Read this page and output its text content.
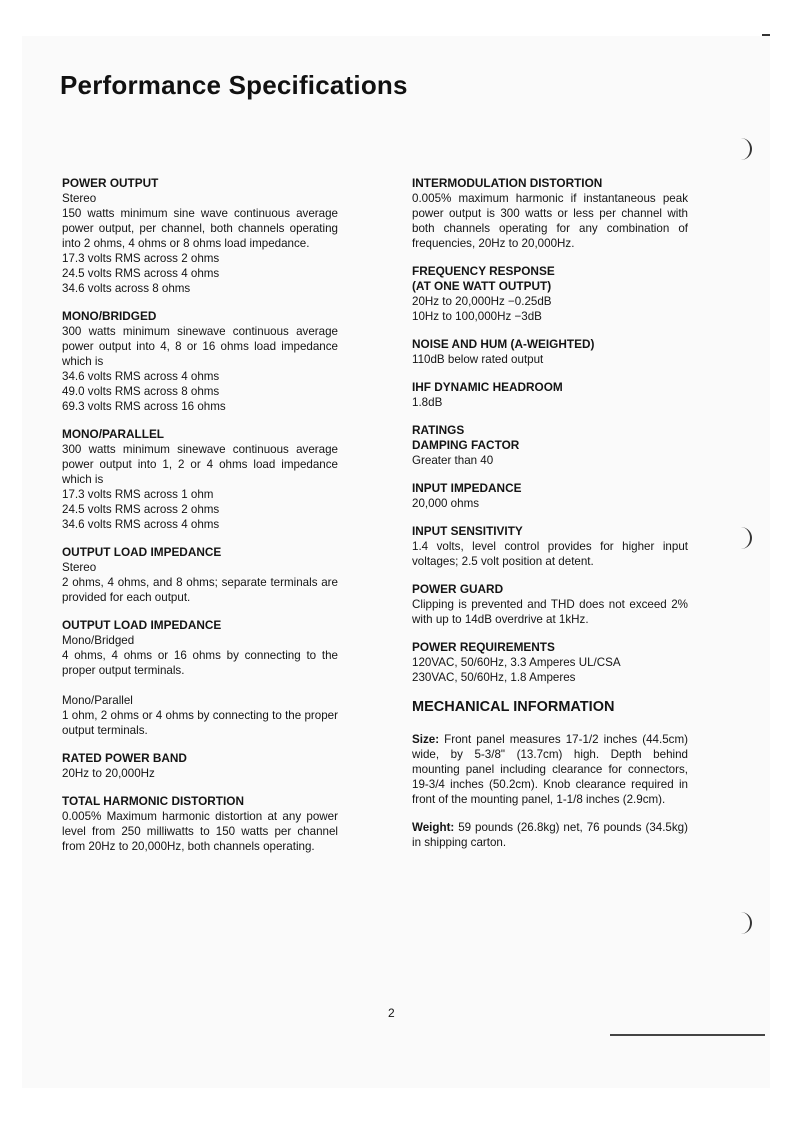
Performance Specifications
POWER OUTPUT

Stereo

150 watts minimum sine wave continuous average power output, per channel, both channels operating into 2 ohms, 4 ohms or 8 ohms load impedance.

17.3 volts RMS across 2 ohms

24.5 volts RMS across 4 ohms

34.6 volts across 8 ohms

MONO/BRIDGED

300 watts minimum sinewave continuous average power output into 4, 8 or 16 ohms load impedance which is

34.6 volts RMS across 4 ohms

49.0 volts RMS across 8 ohms

69.3 volts RMS across 16 ohms

MONO/PARALLEL

300 watts minimum sinewave continuous average power output into 1, 2 or 4 ohms load impedance which is

17.3 volts RMS across 1 ohm

24.5 volts RMS across 2 ohms

34.6 volts RMS across 4 ohms

OUTPUT LOAD IMPEDANCE

Stereo

2 ohms, 4 ohms, and 8 ohms; separate terminals are provided for each output.

OUTPUT LOAD IMPEDANCE

Mono/Bridged

4 ohms, 4 ohms or 16 ohms by connecting to the proper output terminals.

Mono/Parallel

1 ohm, 2 ohms or 4 ohms by connecting to the proper output terminals.

RATED POWER BAND

20Hz to 20,000Hz

TOTAL HARMONIC DISTORTION

0.005% Maximum harmonic distortion at any power level from 250 milliwatts to 150 watts per channel from 20Hz to 20,000Hz, both channels operating.

INTERMODULATION DISTORTION

0.005% maximum harmonic if instantaneous peak power output is 300 watts or less per channel with both channels operating for any combination of frequencies, 20Hz to 20,000Hz.

FREQUENCY RESPONSE
(AT ONE WATT OUTPUT)

20Hz to 20,000Hz −0.25dB

10Hz to 100,000Hz −3dB

NOISE AND HUM (A-WEIGHTED)

110dB below rated output

IHF DYNAMIC HEADROOM

1.8dB

RATINGS
DAMPING FACTOR

Greater than 40

INPUT IMPEDANCE

20,000 ohms

INPUT SENSITIVITY

1.4 volts, level control provides for higher input voltages; 2.5 volt position at detent.

POWER GUARD

Clipping is prevented and THD does not exceed 2% with up to 14dB overdrive at 1kHz.

POWER REQUIREMENTS

120VAC, 50/60Hz, 3.3 Amperes UL/CSA

230VAC, 50/60Hz, 1.8 Amperes

MECHANICAL INFORMATION

Size: Front panel measures 17-1/2 inches (44.5cm) wide, by 5-3/8" (13.7cm) high. Depth behind mounting panel including clearance for connectors, 19-3/4 inches (50.2cm). Knob clearance required in front of the mounting panel, 1-1/8 inches (2.9cm).

Weight: 59 pounds (26.8kg) net, 76 pounds (34.5kg) in shipping carton.

2
